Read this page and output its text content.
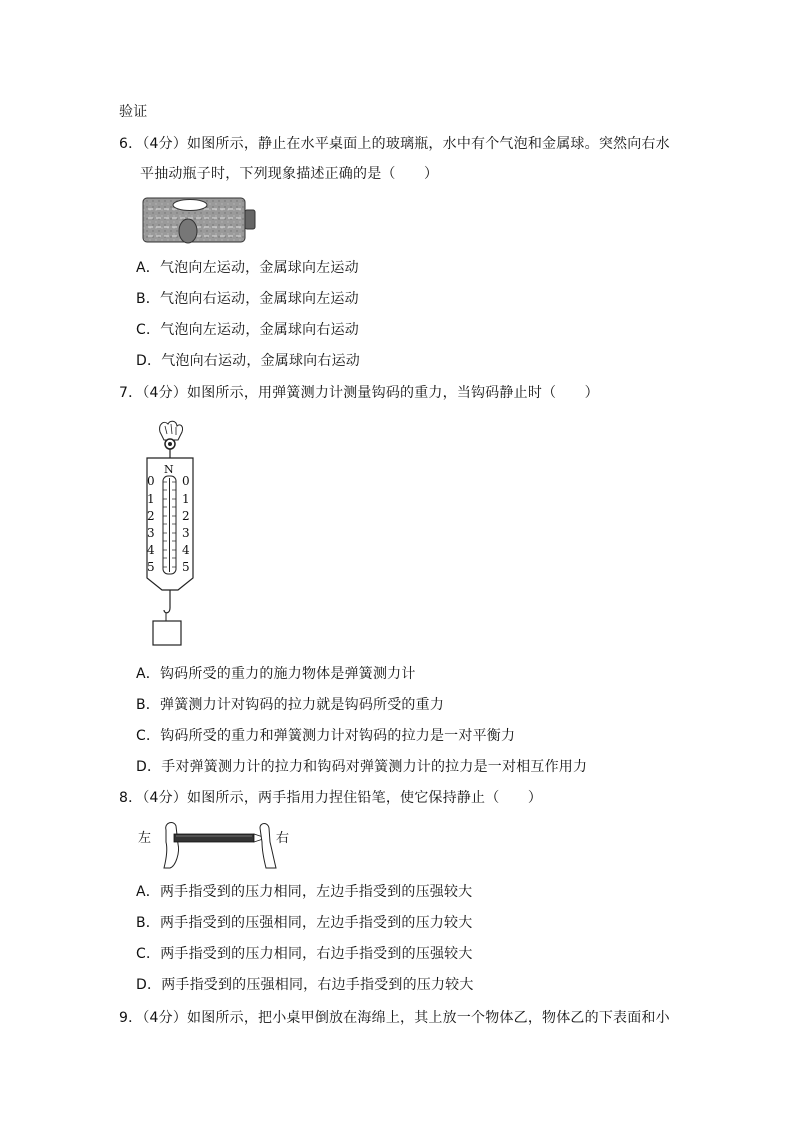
验证
6．（4分）如图所示，静止在水平桌面上的玻璃瓶，水中有个气泡和金属球。突然向右水
平抽动瓶子时，下列现象描述正确的是（　　）
A．气泡向左运动，金属球向左运动
B．气泡向右运动，金属球向左运动
C．气泡向左运动，金属球向右运动
D．气泡向右运动，金属球向右运动
7．（4分）如图所示，用弹簧测力计测量钩码的重力，当钩码静止时（　　）
N
0
1
2
3
4
5
0
1
2
3
4
5
A．钩码所受的重力的施力物体是弹簧测力计
B．弹簧测力计对钩码的拉力就是钩码所受的重力
C．钩码所受的重力和弹簧测力计对钩码的拉力是一对平衡力
D．手对弹簧测力计的拉力和钩码对弹簧测力计的拉力是一对相互作用力
8．（4分）如图所示，两手指用力捏住铅笔，使它保持静止（　　）
左	右
A．两手指受到的压力相同，左边手指受到的压强较大
B．两手指受到的压强相同，左边手指受到的压力较大
C．两手指受到的压力相同，右边手指受到的压强较大
D．两手指受到的压强相同，右边手指受到的压力较大
9．（4分）如图所示，把小桌甲倒放在海绵上，其上放一个物体乙，物体乙的下表面和小
